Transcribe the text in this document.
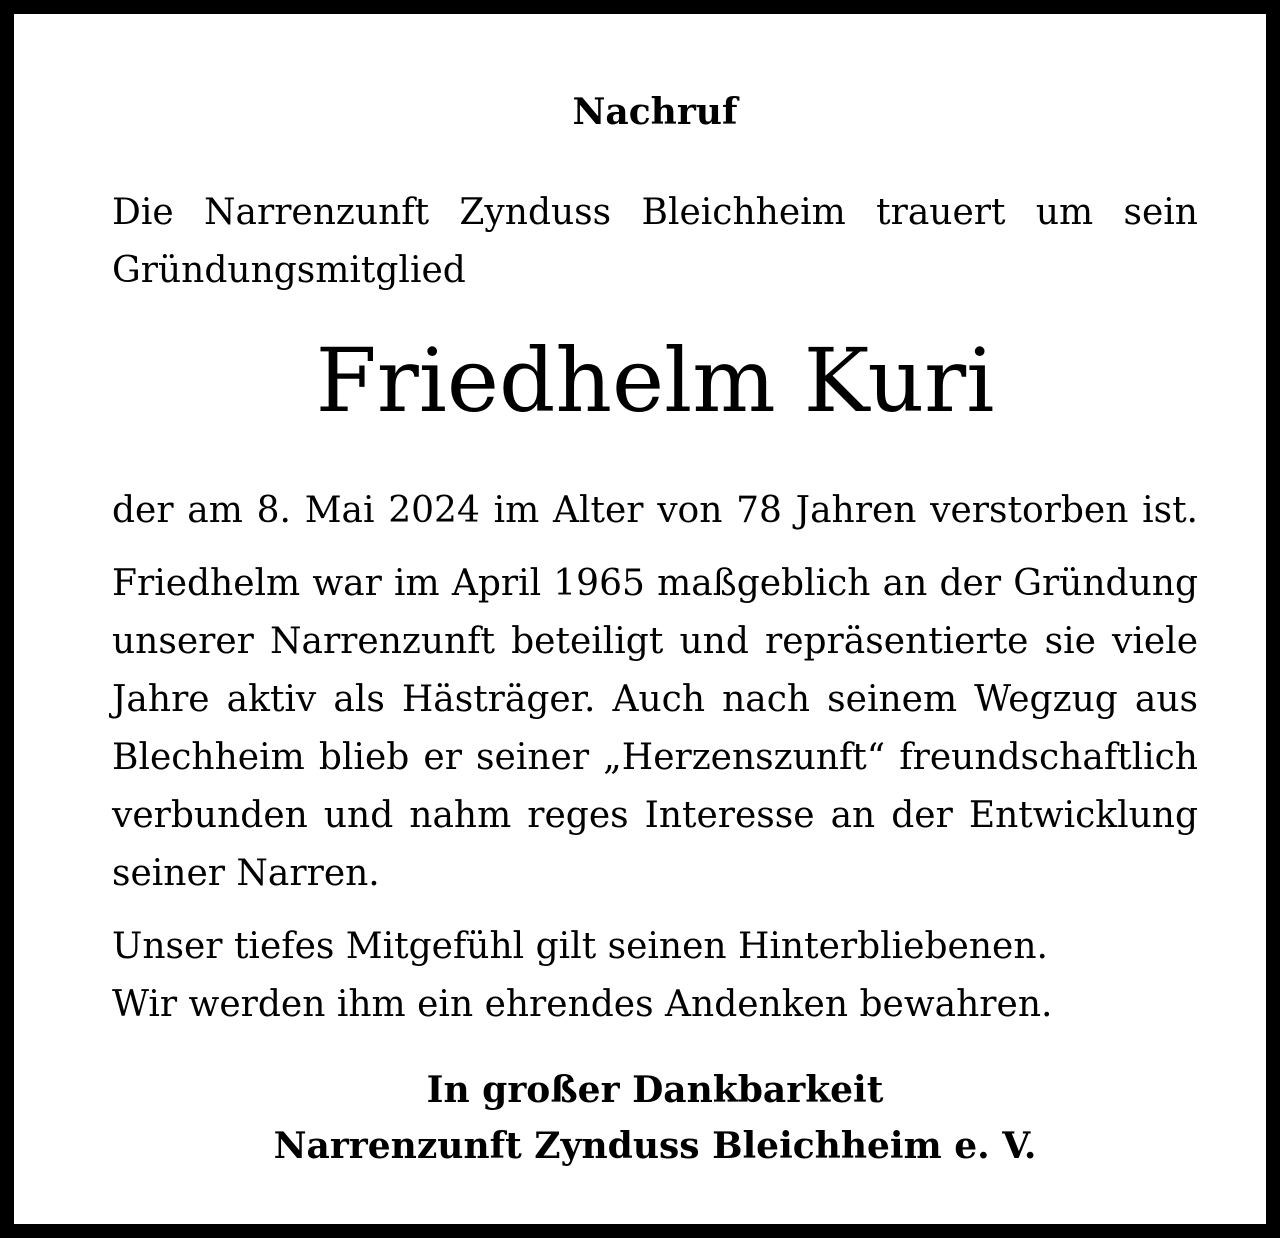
Nachruf
Die Narrenzunft Zynduss Bleichheim trauert um sein
Gründungsmitglied
Friedhelm Kuri
der am 8. Mai 2024 im Alter von 78 Jahren verstorben ist.
Friedhelm war im April 1965 maßgeblich an der Gründung
unserer Narrenzunft beteiligt und repräsentierte sie viele
Jahre aktiv als Hästräger. Auch nach seinem Wegzug aus
Blechheim blieb er seiner „Herzenszunft“ freundschaftlich
verbunden und nahm reges Interesse an der Entwicklung
seiner Narren.
Unser tiefes Mitgefühl gilt seinen Hinterbliebenen.
Wir werden ihm ein ehrendes Andenken bewahren.
In großer Dankbarkeit
Narrenzunft Zynduss Bleichheim e. V.
